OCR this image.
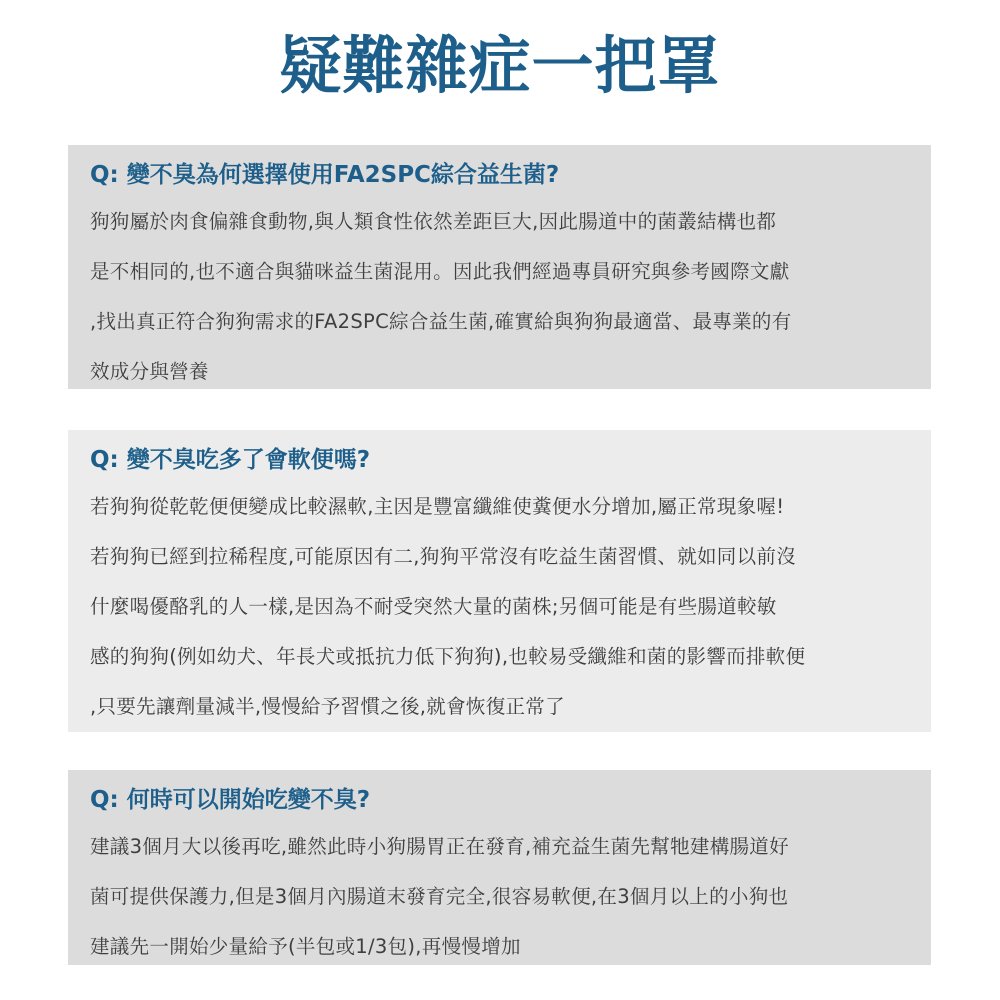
疑難雜症一把罩
Q: 變不臭為何選擇使用FA2SPC綜合益生菌?
狗狗屬於肉食偏雜食動物,與人類食性依然差距巨大,因此腸道中的菌叢結構也都
是不相同的,也不適合與貓咪益生菌混用。因此我們經過專員研究與參考國際文獻
,找出真正符合狗狗需求的FA2SPC綜合益生菌,確實給與狗狗最適當、最專業的有
效成分與營養
Q: 變不臭吃多了會軟便嗎?
若狗狗從乾乾便便變成比較濕軟,主因是豐富纖維使糞便水分增加,屬正常現象喔!
若狗狗已經到拉稀程度,可能原因有二,狗狗平常沒有吃益生菌習慣、就如同以前沒
什麼喝優酪乳的人一樣,是因為不耐受突然大量的菌株;另個可能是有些腸道較敏
感的狗狗(例如幼犬、年長犬或抵抗力低下狗狗),也較易受纖維和菌的影響而排軟便
,只要先讓劑量減半,慢慢給予習慣之後,就會恢復正常了
Q: 何時可以開始吃變不臭?
建議3個月大以後再吃,雖然此時小狗腸胃正在發育,補充益生菌先幫牠建構腸道好
菌可提供保護力,但是3個月內腸道末發育完全,很容易軟便,在3個月以上的小狗也
建議先一開始少量給予(半包或1/3包),再慢慢增加
